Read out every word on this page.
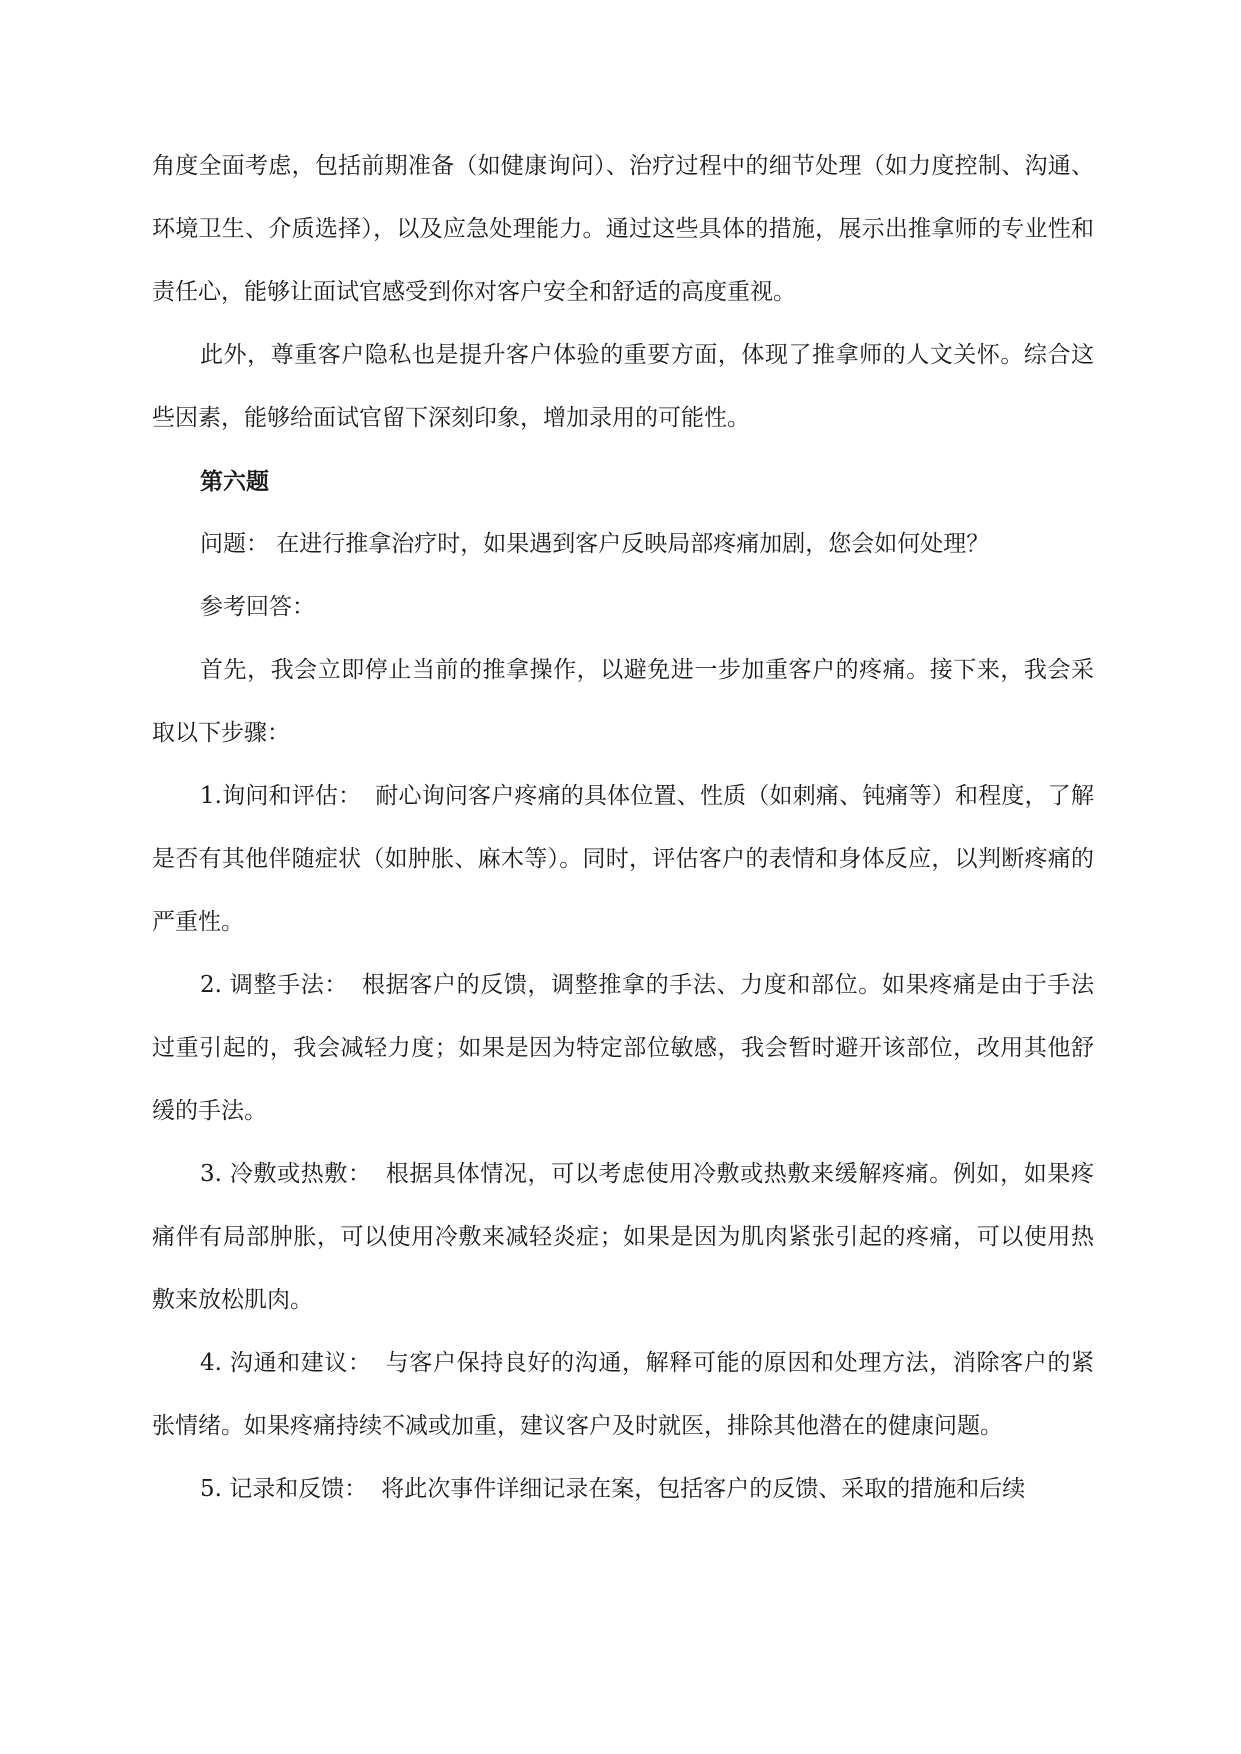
角度全面考虑，包括前期准备（如健康询问）、治疗过程中的细节处理（如力度控制、沟通、环境卫生、介质选择），以及应急处理能力。通过这些具体的措施，展示出推拿师的专业性和责任心，能够让面试官感受到你对客户安全和舒适的高度重视。

此外，尊重客户隐私也是提升客户体验的重要方面，体现了推拿师的人文关怀。综合这些因素，能够给面试官留下深刻印象，增加录用的可能性。

第六题

问题： 在进行推拿治疗时，如果遇到客户反映局部疼痛加剧，您会如何处理？

参考回答：

首先，我会立即停止当前的推拿操作，以避免进一步加重客户的疼痛。接下来，我会采取以下步骤：

1.询问和评估： 耐心询问客户疼痛的具体位置、性质（如刺痛、钝痛等）和程度，了解是否有其他伴随症状（如肿胀、麻木等）。同时，评估客户的表情和身体反应，以判断疼痛的严重性。

2. 调整手法： 根据客户的反馈，调整推拿的手法、力度和部位。如果疼痛是由于手法过重引起的，我会减轻力度；如果是因为特定部位敏感，我会暂时避开该部位，改用其他舒缓的手法。

3. 冷敷或热敷： 根据具体情况，可以考虑使用冷敷或热敷来缓解疼痛。例如，如果疼痛伴有局部肿胀，可以使用冷敷来减轻炎症；如果是因为肌肉紧张引起的疼痛，可以使用热敷来放松肌肉。

4. 沟通和建议： 与客户保持良好的沟通，解释可能的原因和处理方法，消除客户的紧张情绪。如果疼痛持续不减或加重，建议客户及时就医，排除其他潜在的健康问题。

5. 记录和反馈： 将此次事件详细记录在案，包括客户的反馈、采取的措施和后续
